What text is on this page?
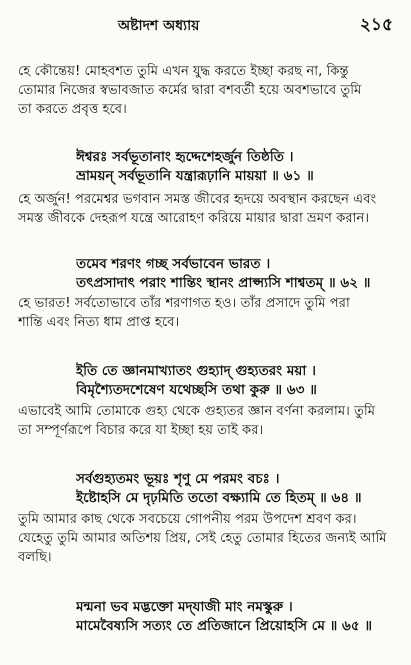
অষ্টাদশ অধ্যায়	২১৫
হে কৌন্তেয়! মোহবশত তুমি এখন যুদ্ধ করতে ইচ্ছা করছ না, কিন্তু
তোমার নিজের স্বভাবজাত কর্মের দ্বারা বশবর্তী হয়ে অবশভাবে তুমি
তা করতে প্রবৃত্ত হবে।
ঈশ্বরঃ সর্বভূতানাং হৃদ্দেশেহর্জুন তিষ্ঠতি ।
ভ্রাময়ন্ সর্বভূতানি যন্ত্রারূঢ়ানি মায়য়া ॥ ৬১ ॥
হে অর্জুন! পরমেশ্বর ভগবান সমস্ত জীবের হৃদয়ে অবস্থান করছেন এবং
সমস্ত জীবকে দেহরূপ যন্ত্রে আরোহণ করিয়ে মায়ার দ্বারা ভ্রমণ করান।
তমেব শরণং গচ্ছ সর্বভাবেন ভারত ।
তৎপ্রসাদাৎ পরাং শান্তিং স্থানং প্রাপ্স্যসি শাশ্বতম্ ॥ ৬২ ॥
হে ভারত! সর্বতোভাবে তাঁর শরণাগত হও। তাঁর প্রসাদে তুমি পরা
শান্তি এবং নিত্য ধাম প্রাপ্ত হবে।
ইতি তে জ্ঞানমাখ্যাতং গুহ্যাদ্ গুহ্যতরং ময়া ।
বিমৃশ্যৈতদশেষেণ যথেচ্ছসি তথা কুরু ॥ ৬৩ ॥
এভাবেই আমি তোমাকে গুহ্য থেকে গুহ্যতর জ্ঞান বর্ণনা করলাম। তুমি
তা সম্পূর্ণরূপে বিচার করে যা ইচ্ছা হয় তাই কর।
সর্বগুহ্যতমং ভূয়ঃ শৃণু মে পরমং বচঃ ।
ইষ্টোহসি মে দৃঢ়মিতি ততো বক্ষ্যামি তে হিতম্ ॥ ৬৪ ॥
তুমি আমার কাছ থেকে সবচেয়ে গোপনীয় পরম উপদেশ শ্রবণ কর।
যেহেতু তুমি আমার অতিশয় প্রিয়, সেই হেতু তোমার হিতের জন্যই আমি
বলছি।
মন্মনা ভব মদ্ভক্তো মদ্‌যাজী মাং নমস্কুরু ।
মামেবৈষ্যসি সত্যং তে প্রতিজানে প্রিয়োহসি মে ॥ ৬৫ ॥
